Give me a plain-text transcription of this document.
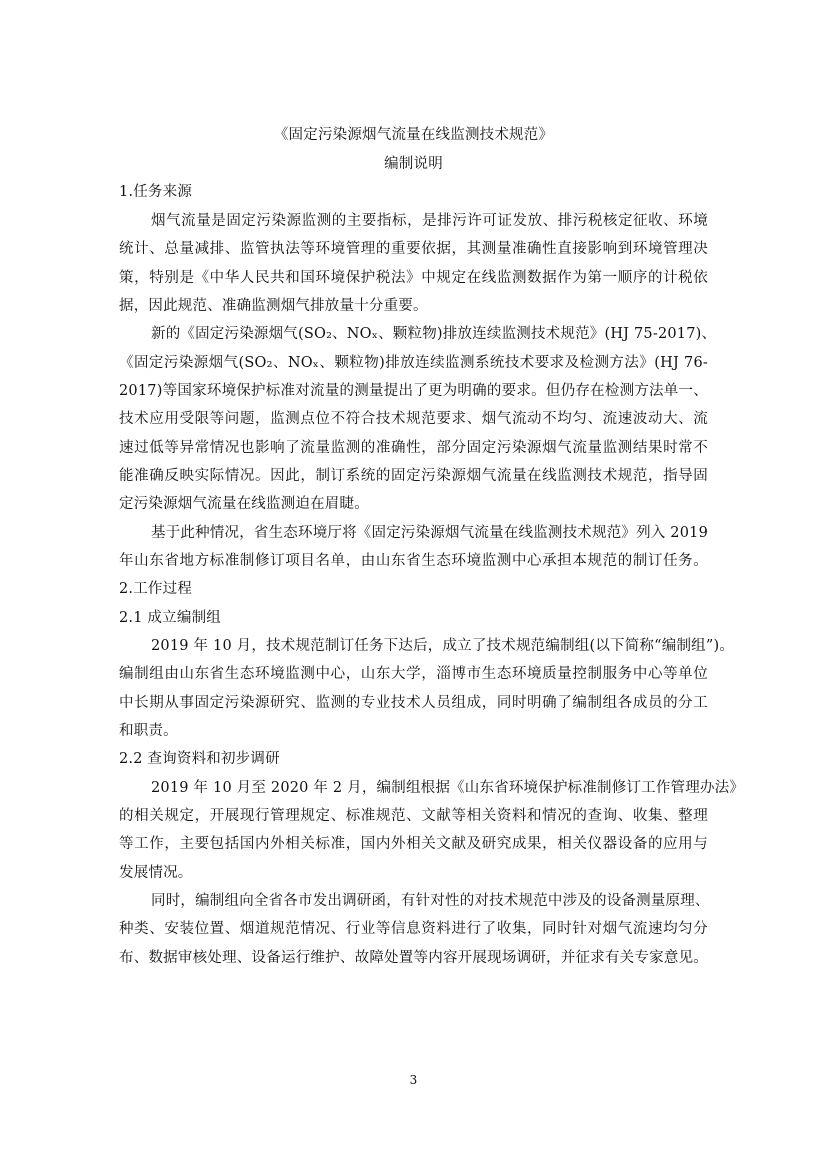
《固定污染源烟气流量在线监测技术规范》
编制说明
1.任务来源
烟气流量是固定污染源监测的主要指标，是排污许可证发放、排污税核定征收、环境
统计、总量减排、监管执法等环境管理的重要依据，其测量准确性直接影响到环境管理决
策，特别是《中华人民共和国环境保护税法》中规定在线监测数据作为第一顺序的计税依
据，因此规范、准确监测烟气排放量十分重要。
新的《固定污染源烟气(SO₂、NOₓ、颗粒物)排放连续监测技术规范》(HJ 75-2017)、
《固定污染源烟气(SO₂、NOₓ、颗粒物)排放连续监测系统技术要求及检测方法》(HJ 76-
2017)等国家环境保护标准对流量的测量提出了更为明确的要求。但仍存在检测方法单一、
技术应用受限等问题，监测点位不符合技术规范要求、烟气流动不均匀、流速波动大、流
速过低等异常情况也影响了流量监测的准确性，部分固定污染源烟气流量监测结果时常不
能准确反映实际情况。因此，制订系统的固定污染源烟气流量在线监测技术规范，指导固
定污染源烟气流量在线监测迫在眉睫。
基于此种情况，省生态环境厅将《固定污染源烟气流量在线监测技术规范》列入 2019
年山东省地方标准制修订项目名单，由山东省生态环境监测中心承担本规范的制订任务。
2.工作过程
2.1 成立编制组
2019 年 10 月，技术规范制订任务下达后，成立了技术规范编制组(以下简称“编制组”)。
编制组由山东省生态环境监测中心，山东大学，淄博市生态环境质量控制服务中心等单位
中长期从事固定污染源研究、监测的专业技术人员组成，同时明确了编制组各成员的分工
和职责。
2.2 查询资料和初步调研
2019 年 10 月至 2020 年 2 月，编制组根据《山东省环境保护标准制修订工作管理办法》
的相关规定，开展现行管理规定、标准规范、文献等相关资料和情况的查询、收集、整理
等工作，主要包括国内外相关标准，国内外相关文献及研究成果，相关仪器设备的应用与
发展情况。
同时，编制组向全省各市发出调研函，有针对性的对技术规范中涉及的设备测量原理、
种类、安装位置、烟道规范情况、行业等信息资料进行了收集，同时针对烟气流速均匀分
布、数据审核处理、设备运行维护、故障处置等内容开展现场调研，并征求有关专家意见。
3
